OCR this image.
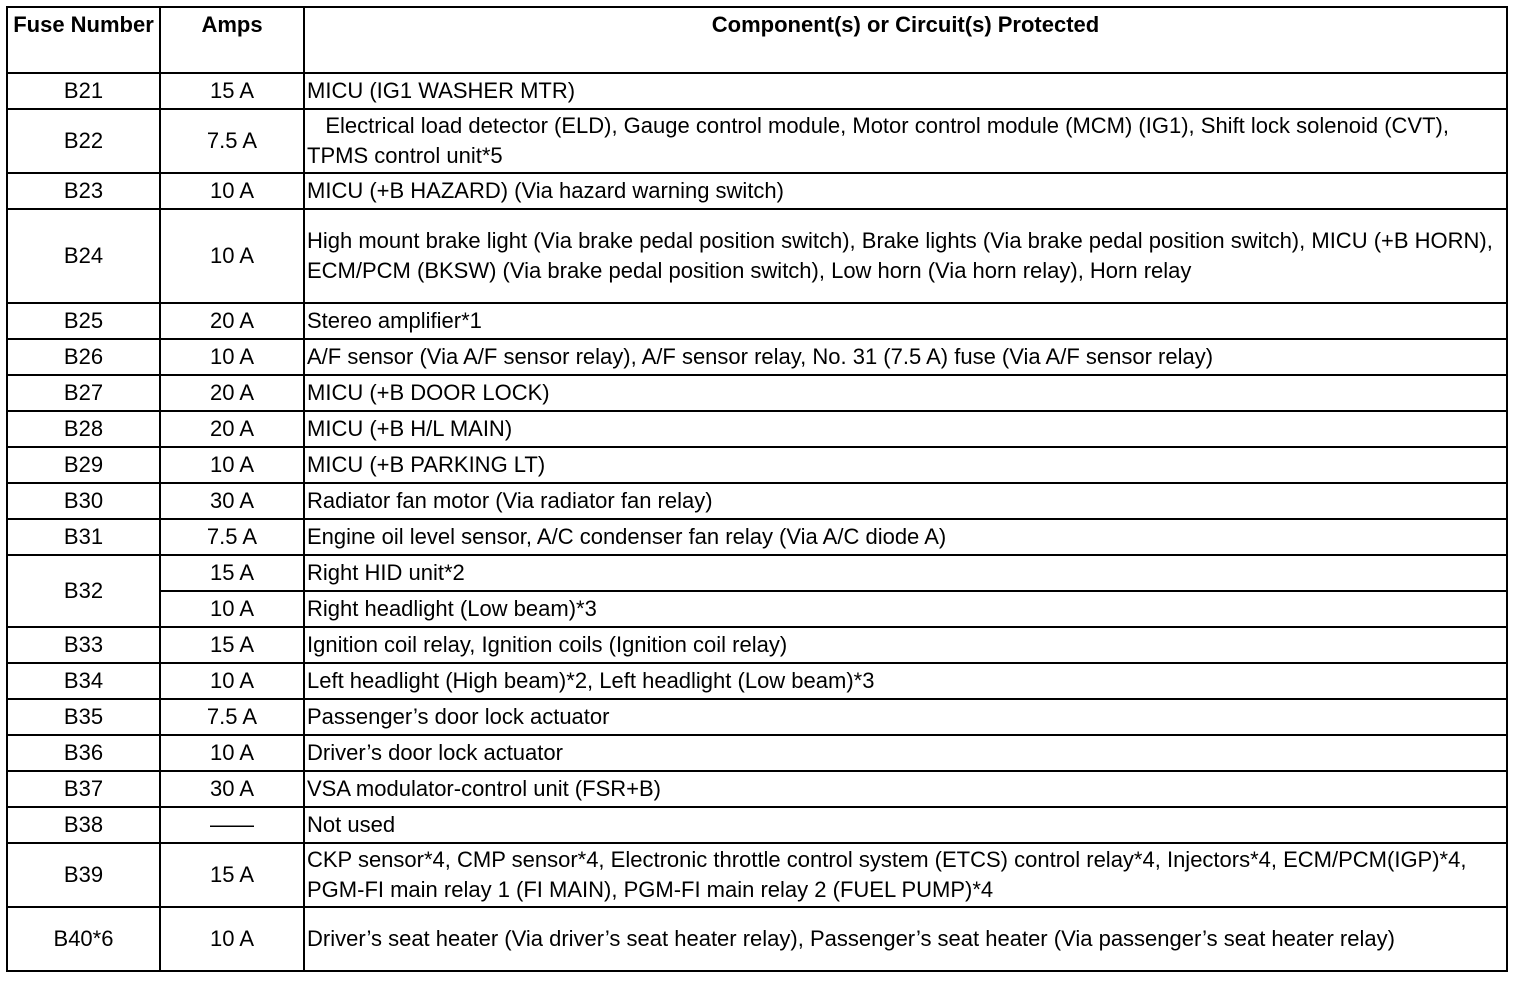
Fuse Number	Amps	Component(s) or Circuit(s) Protected
B21	15 A	MICU (IG1 WASHER MTR)
B22	7.5 A	Electrical load detector (ELD), Gauge control module, Motor control module (MCM) (IG1), Shift lock solenoid (CVT), TPMS control unit*5
B23	10 A	MICU (+B HAZARD) (Via hazard warning switch)
B24	10 A	High mount brake light (Via brake pedal position switch), Brake lights (Via brake pedal position switch), MICU (+B HORN), ECM/PCM (BKSW) (Via brake pedal position switch), Low horn (Via horn relay), Horn relay
B25	20 A	Stereo amplifier*1
B26	10 A	A/F sensor (Via A/F sensor relay), A/F sensor relay, No. 31 (7.5 A) fuse (Via A/F sensor relay)
B27	20 A	MICU (+B DOOR LOCK)
B28	20 A	MICU (+B H/L MAIN)
B29	10 A	MICU (+B PARKING LT)
B30	30 A	Radiator fan motor (Via radiator fan relay)
B31	7.5 A	Engine oil level sensor, A/C condenser fan relay (Via A/C diode A)
B32	15 A	Right HID unit*2
	10 A	Right headlight (Low beam)*3
B33	15 A	Ignition coil relay, Ignition coils (Ignition coil relay)
B34	10 A	Left headlight (High beam)*2, Left headlight (Low beam)*3
B35	7.5 A	Passenger’s door lock actuator
B36	10 A	Driver’s door lock actuator
B37	30 A	VSA modulator-control unit (FSR+B)
B38	——	Not used
B39	15 A	CKP sensor*4, CMP sensor*4, Electronic throttle control system (ETCS) control relay*4, Injectors*4, ECM/PCM(IGP)*4, PGM-FI main relay 1 (FI MAIN), PGM-FI main relay 2 (FUEL PUMP)*4
B40*6	10 A	Driver’s seat heater (Via driver’s seat heater relay), Passenger’s seat heater (Via passenger’s seat heater relay)
